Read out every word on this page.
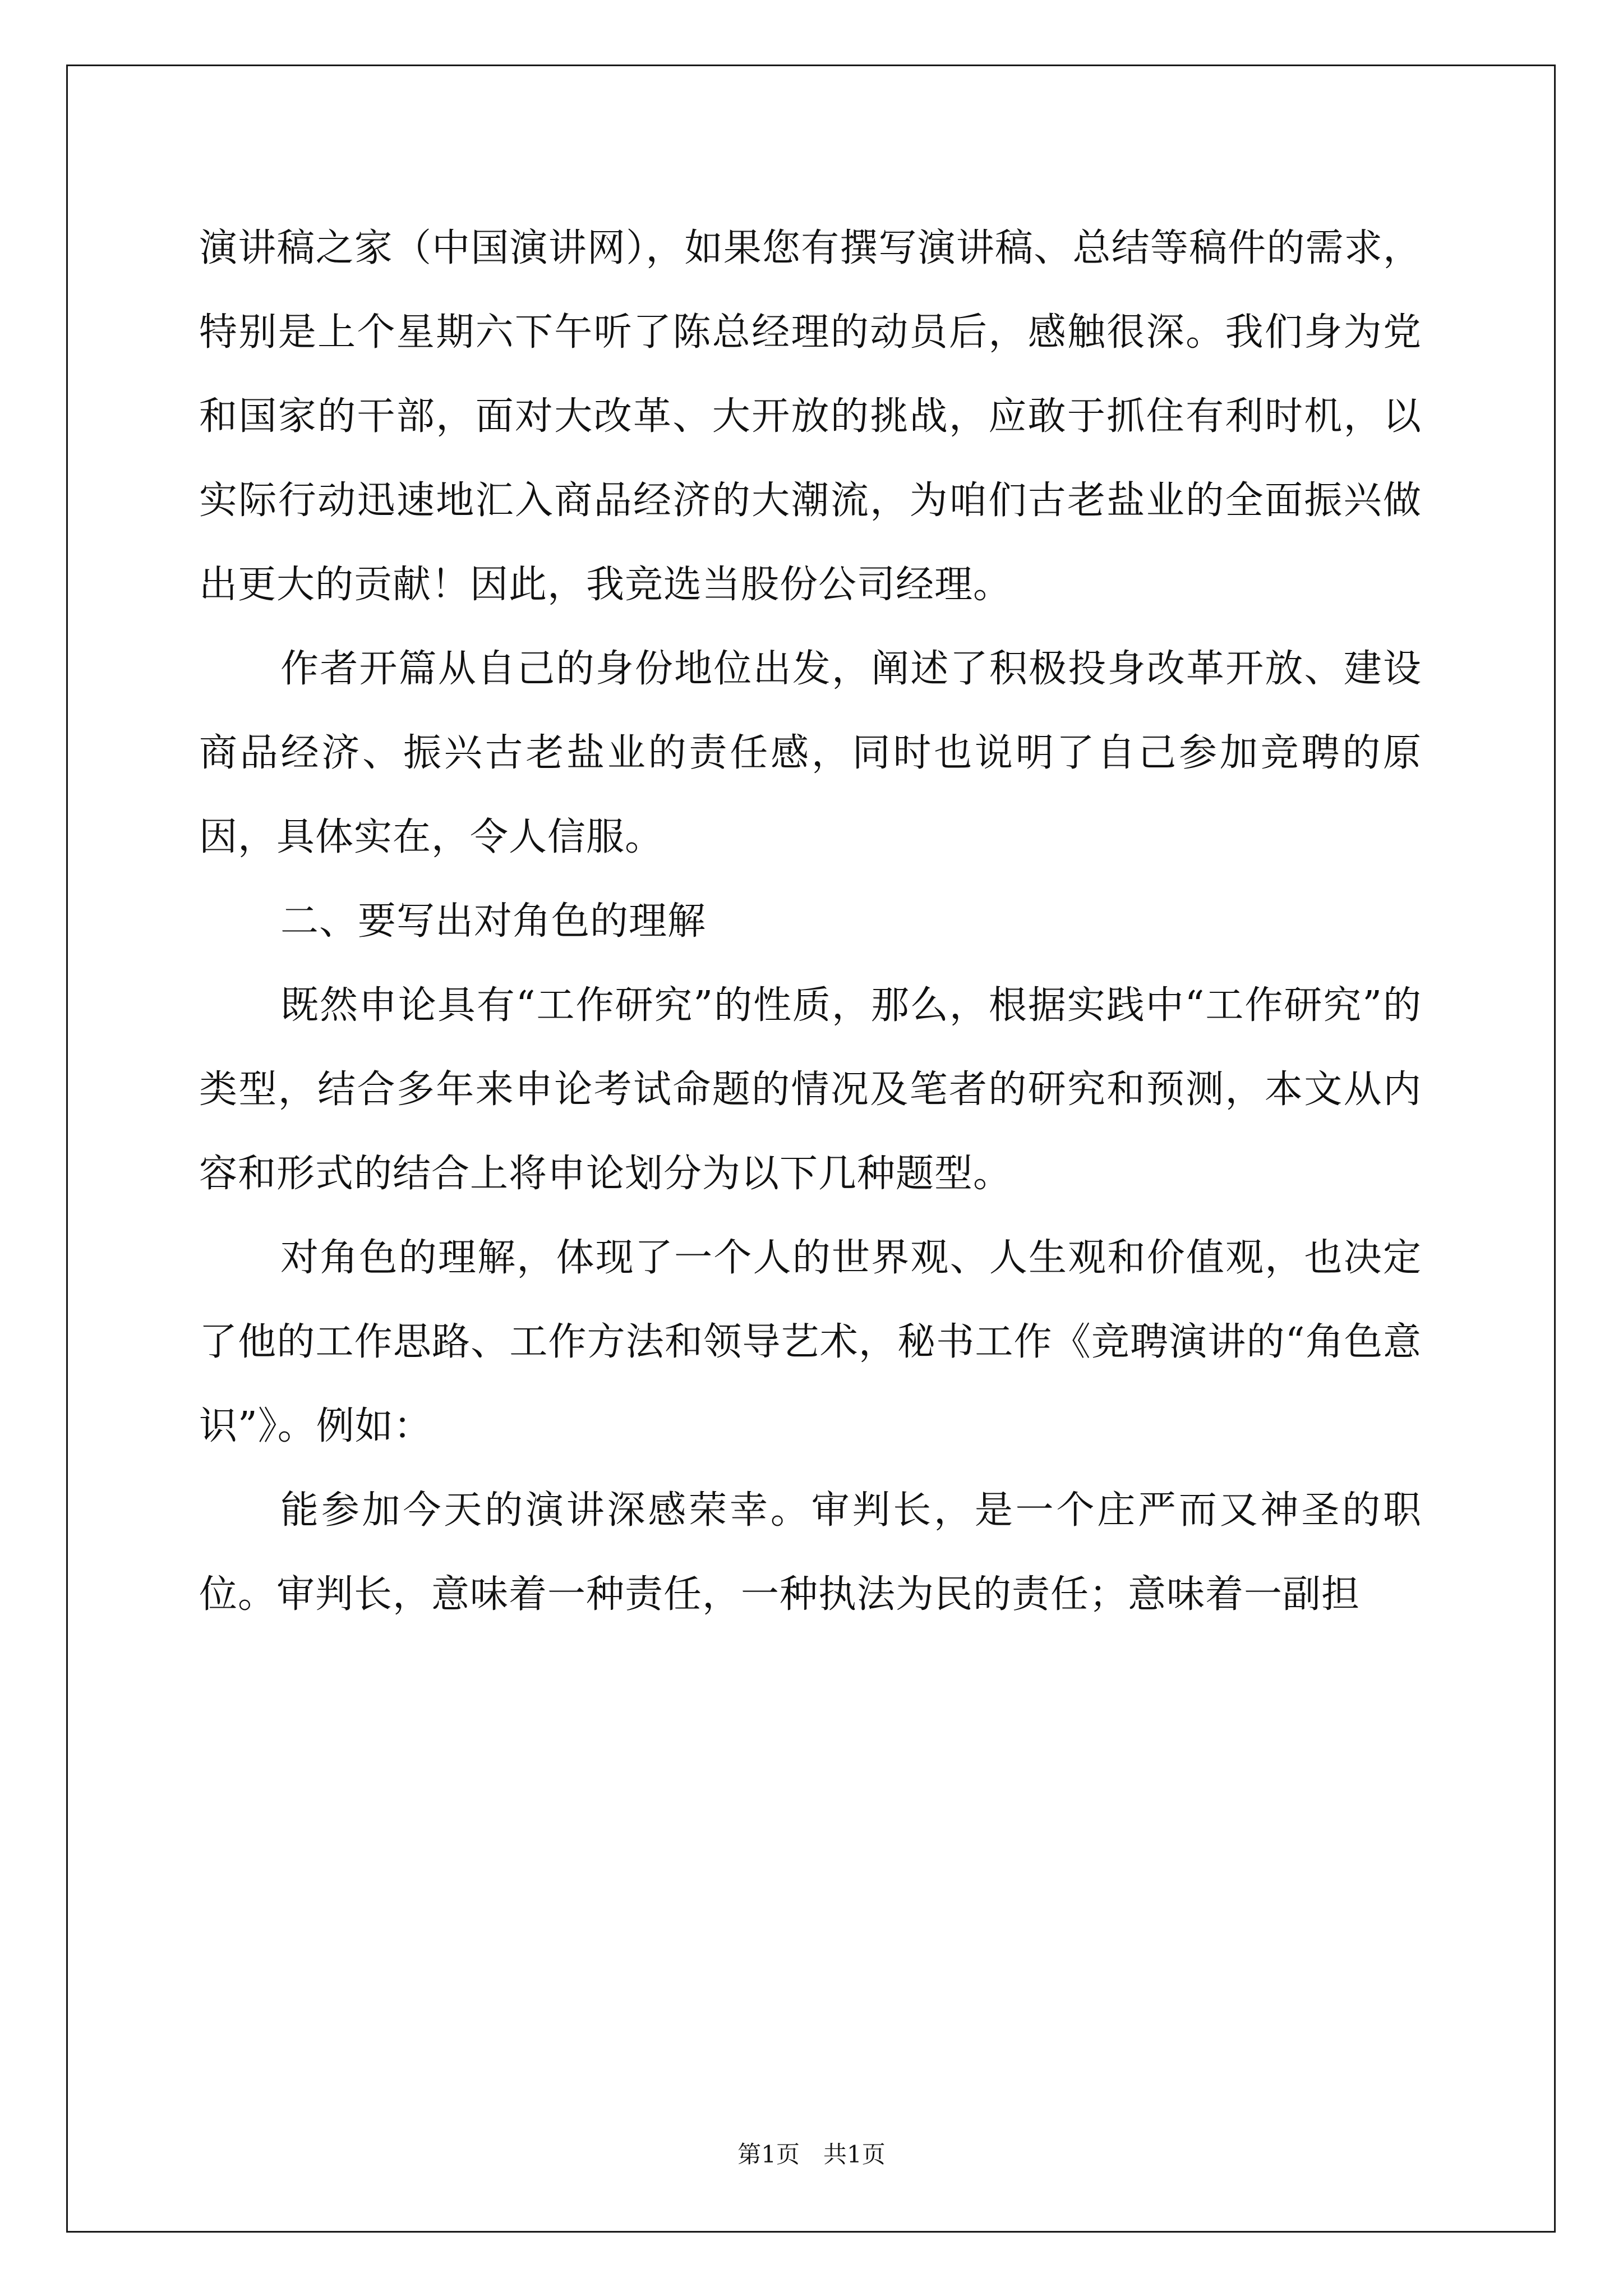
演讲稿之家（中国演讲网），如果您有撰写演讲稿、总结等稿件的需求，特别是上个星期六下午听了陈总经理的动员后，感触很深。我们身为党和国家的干部，面对大改革、大开放的挑战，应敢于抓住有利时机，以实际行动迅速地汇入商品经济的大潮流，为咱们古老盐业的全面振兴做出更大的贡献！因此，我竞选当股份公司经理。

作者开篇从自己的身份地位出发，阐述了积极投身改革开放、建设商品经济、振兴古老盐业的责任感，同时也说明了自己参加竞聘的原因，具体实在，令人信服。

二、要写出对角色的理解

既然申论具有“工作研究”的性质，那么，根据实践中“工作研究”的类型，结合多年来申论考试命题的情况及笔者的研究和预测，本文从内容和形式的结合上将申论划分为以下几种题型。

对角色的理解，体现了一个人的世界观、人生观和价值观，也决定了他的工作思路、工作方法和领导艺术，秘书工作《竞聘演讲的“角色意识”》。例如：

能参加今天的演讲深感荣幸。审判长，是一个庄严而又神圣的职位。审判长，意味着一种责任，一种执法为民的责任；意味着一副担

第1页　共1页
